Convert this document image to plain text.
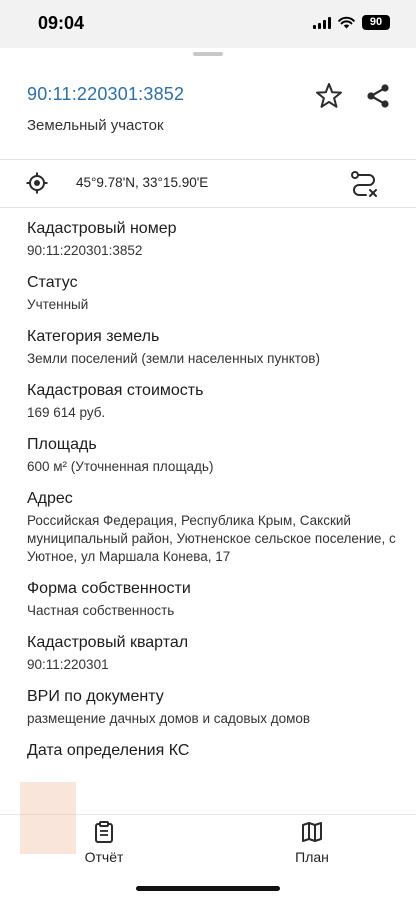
09:04	90
90:11:220301:3852
Земельный участок
45°9.78'N, 33°15.90'E
Кадастровый номер
90:11:220301:3852
Статус
Учтенный
Категория земель
Земли поселений (земли населенных пунктов)
Кадастровая стоимость
169 614 руб.
Площадь
600 м² (Уточненная площадь)
Адрес
Российская Федерация, Республика Крым, Сакский муниципальный район, Уютненское сельское поселение, с Уютное, ул Маршала Конева, 17
Форма собственности
Частная собственность
Кадастровый квартал
90:11:220301
ВРИ по документу
размещение дачных домов и садовых домов
Дата определения КС
Отчёт	План
